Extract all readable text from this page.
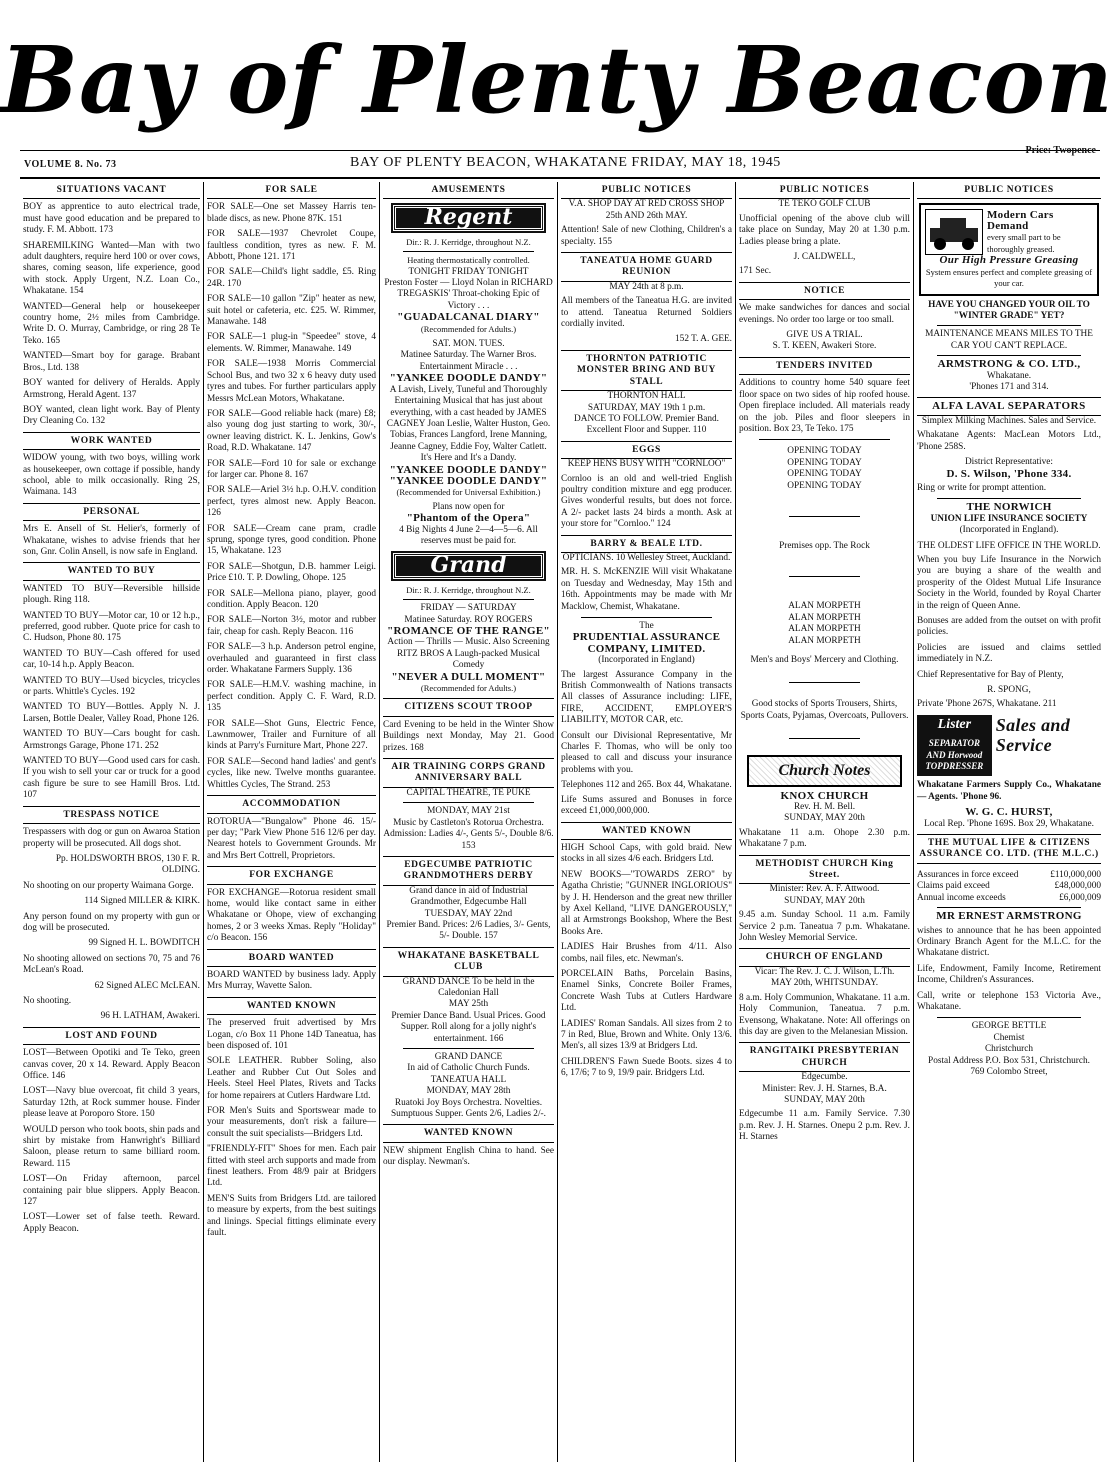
Bay of Plenty Beacon
VOLUME 8. No. 73	BAY OF PLENTY BEACON, WHAKATANE FRIDAY, MAY 18, 1945
Price: Twopence
SITUATIONS VACANT
BOY as apprentice to auto electrical trade, must have good education and be prepared to study. F. M. Abbott. 173
SHAREMILKING Wanted—Man with two adult daughters, require herd 100 or over cows, shares, coming season, life experience, good with stock. Apply Urgent, N.Z. Loan Co., Whakatane. 154
WANTED—General help or housekeeper country home, 2½ miles from Cambridge. Write D. O. Murray, Cambridge, or ring 28 Te Teko. 165
WANTED—Smart boy for garage. Brabant Bros., Ltd. 138
BOY wanted for delivery of Heralds. Apply Armstrong, Herald Agent. 137
BOY wanted, clean light work. Bay of Plenty Dry Cleaning Co. 132
WORK WANTED
WIDOW young, with two boys, willing work as housekeeper, own cottage if possible, handy school, able to milk occasionally. Ring 2S, Waimana. 143
PERSONAL
Mrs E. Ansell of St. Helier's, formerly of Whakatane, wishes to advise friends that her son, Gnr. Colin Ansell, is now safe in England.
WANTED TO BUY
WANTED TO BUY—Reversible hillside plough. Ring 118.
WANTED TO BUY—Motor car, 10 or 12 h.p., preferred, good rubber. Quote price for cash to C. Hudson, Phone 80. 175
WANTED TO BUY—Cash offered for used car, 10-14 h.p. Apply Beacon.
WANTED TO BUY—Used bicycles, tricycles or parts. Whittle's Cycles. 192
WANTED TO BUY—Bottles. Apply N. J. Larsen, Bottle Dealer, Valley Road, Phone 126.
WANTED TO BUY—Cars bought for cash. Armstrongs Garage, Phone 171. 252
WANTED TO BUY—Good used cars for cash. If you wish to sell your car or truck for a good cash figure be sure to see Hamill Bros. Ltd. 107
TRESPASS NOTICE
Trespassers with dog or gun on Awaroa Station property will be prosecuted. All dogs shot.
Pp. HOLDSWORTH BROS, 130 F. R. OLDING.
No shooting on our property Waimana Gorge.
114 Signed MILLER & KIRK.
Any person found on my property with gun or dog will be prosecuted.
99 Signed H. L. BOWDITCH
No shooting allowed on sections 70, 75 and 76 McLean's Road.
62 Signed ALEC McLEAN.
No shooting.
96 H. LATHAM, Awakeri.
LOST AND FOUND
LOST—Between Opotiki and Te Teko, green canvas cover, 20 x 14. Reward. Apply Beacon Office. 146
LOST—Navy blue overcoat, fit child 3 years, Saturday 12th, at Rock summer house. Finder please leave at Poroporo Store. 150
WOULD person who took boots, shin pads and shirt by mistake from Hanwright's Billiard Saloon, please return to same billiard room. Reward. 115
LOST—On Friday afternoon, parcel containing pair blue slippers. Apply Beacon. 127
LOST—Lower set of false teeth. Reward. Apply Beacon.
FOR SALE
FOR SALE—One set Massey Harris ten-blade discs, as new. Phone 87K. 151
FOR SALE—1937 Chevrolet Coupe, faultless condition, tyres as new. F. M. Abbott, Phone 121. 171
FOR SALE—Child's light saddle, £5. Ring 24R. 170
FOR SALE—10 gallon "Zip" heater as new, suit hotel or cafeteria, etc. £25. W. Rimmer, Manawahe. 148
FOR SALE—1 plug-in "Speedee" stove, 4 elements. W. Rimmer, Manawahe. 149
FOR SALE—1938 Morris Commercial School Bus, and two 32 x 6 heavy duty used tyres and tubes. For further particulars apply Messrs McLean Motors, Whakatane.
FOR SALE—Good reliable hack (mare) £8; also young dog just starting to work, 30/-, owner leaving district. K. L. Jenkins, Gow's Road, R.D. Whakatane. 147
FOR SALE—Ford 10 for sale or exchange for larger car. Phone 8. 167
FOR SALE—Ariel 3½ h.p. O.H.V. condition perfect, tyres almost new. Apply Beacon. 126
FOR SALE—Cream cane pram, cradle sprung, sponge tyres, good condition. Phone 15, Whakatane. 123
FOR SALE—Shotgun, D.B. hammer Leigi. Price £10. T. P. Dowling, Ohope. 125
FOR SALE—Mellona piano, player, good condition. Apply Beacon. 120
FOR SALE—Norton 3½, motor and rubber fair, cheap for cash. Reply Beacon. 116
FOR SALE—3 h.p. Anderson petrol engine, overhauled and guaranteed in first class order. Whakatane Farmers Supply. 136
FOR SALE—H.M.V. washing machine, in perfect condition. Apply C. F. Ward, R.D. 135
FOR SALE—Shot Guns, Electric Fence, Lawnmower, Trailer and Furniture of all kinds at Parry's Furniture Mart, Phone 227.
FOR SALE—Second hand ladies' and gent's cycles, like new. Twelve months guarantee. Whittles Cycles, The Strand. 253
ACCOMMODATION
ROTORUA—"Bungalow" Phone 46. 15/- per day; "Park View Phone 516 12/6 per day. Nearest hotels to Government Grounds. Mr and Mrs Bert Cottrell, Proprietors.
FOR EXCHANGE
FOR EXCHANGE—Rotorua resident small home, would like contact same in either Whakatane or Ohope, view of exchanging homes, 2 or 3 weeks Xmas. Reply "Holiday" c/o Beacon. 156
BOARD WANTED
BOARD WANTED by business lady. Apply Mrs Murray, Wavette Salon.
WANTED KNOWN
The preserved fruit advertised by Mrs Logan, c/o Box 11 Phone 14D Taneatua, has been disposed of. 101
SOLE LEATHER. Rubber Soling, also Leather and Rubber Cut Out Soles and Heels. Steel Heel Plates, Rivets and Tacks for home repairers at Cutlers Hardware Ltd.
FOR Men's Suits and Sportswear made to your measurements, don't risk a failure—consult the suit specialists—Bridgers Ltd.
"FRIENDLY-FIT" Shoes for men. Each pair fitted with steel arch supports and made from finest leathers. From 48/9 pair at Bridgers Ltd.
MEN'S Suits from Bridgers Ltd. are tailored to measure by experts, from the best suitings and linings. Special fittings eliminate every fault.
AMUSEMENTS
Regent
Dir.: R. J. Kerridge, throughout N.Z.
Heating thermostatically controlled.
TONIGHT FRIDAY TONIGHT
Preston Foster — Lloyd Nolan in RICHARD TREGASKIS' Throat-choking Epic of Victory . . .
"GUADALCANAL DIARY"
(Recommended for Adults.)
SAT. MON. TUES.
Matinee Saturday. The Warner Bros. Entertainment Miracle . . .
"YANKEE DOODLE DANDY"
A Lavish, Lively, Tuneful and Thoroughly Entertaining Musical that has just about everything, with a cast headed by JAMES CAGNEY Joan Leslie, Walter Huston, Geo. Tobias, Frances Langford, Irene Manning, Jeanne Cagney, Eddie Foy, Walter Catlett.
It's Here and It's a Dandy.
"YANKEE DOODLE DANDY"
"YANKEE DOODLE DANDY"
(Recommended for Universal Exhibition.)
Plans now open for
"Phantom of the Opera"
4 Big Nights 4 June 2—4—5—6. All reserves must be paid for.
Grand
Dir.: R. J. Kerridge, throughout N.Z.
FRIDAY — SATURDAY
Matinee Saturday. ROY ROGERS
"ROMANCE OF THE RANGE"
Action — Thrills — Music. Also Screening RITZ BROS A Laugh-packed Musical Comedy
"NEVER A DULL MOMENT"
(Recommended for Adults.)
CITIZENS SCOUT TROOP
Card Evening to be held in the Winter Show Buildings next Monday, May 21. Good prizes. 168
AIR TRAINING CORPS GRAND ANNIVERSARY BALL
CAPITAL THEATRE, TE PUKE
MONDAY, MAY 21st
Music by Castleton's Rotorua Orchestra. Admission: Ladies 4/-, Gents 5/-, Double 8/6. 153
EDGECUMBE PATRIOTIC GRANDMOTHERS DERBY
Grand dance in aid of Industrial Grandmother, Edgecumbe Hall
TUESDAY, MAY 22nd
Premier Band. Prices: 2/6 Ladies, 3/- Gents, 5/- Double. 157
WHAKATANE BASKETBALL CLUB
GRAND DANCE To be held in the Caledonian Hall
MAY 25th
Premier Dance Band. Usual Prices. Good Supper. Roll along for a jolly night's entertainment. 166
GRAND DANCE
In aid of Catholic Church Funds.
TANEATUA HALL
MONDAY, MAY 28th
Ruatoki Joy Boys Orchestra. Novelties. Sumptuous Supper. Gents 2/6, Ladies 2/-.
WANTED KNOWN
NEW shipment English China to hand. See our display. Newman's.
PUBLIC NOTICES
V.A. SHOP DAY AT RED CROSS SHOP
25th AND 26th MAY.
Attention! Sale of new Clothing, Children's a specialty. 155
TANEATUA HOME GUARD REUNION
MAY 24th at 8 p.m.
All members of the Taneatua H.G. are invited to attend. Taneatua Returned Soldiers cordially invited.
152 T. A. GEE.
THORNTON PATRIOTIC MONSTER BRING AND BUY STALL
THORNTON HALL
SATURDAY, MAY 19th 1 p.m.
DANCE TO FOLLOW. Premier Band. Excellent Floor and Supper. 110
EGGS
KEEP HENS BUSY WITH "CORNLOO"
Cornloo is an old and well-tried English poultry condition mixture and egg producer. Gives wonderful results, but does not force. A 2/- packet lasts 24 birds a month. Ask at your store for "Cornloo." 124
BARRY & BEALE LTD.
OPTICIANS. 10 Wellesley Street, Auckland.
MR. H. S. McKENZIE Will visit Whakatane on Tuesday and Wednesday, May 15th and 16th. Appointments may be made with Mr Macklow, Chemist, Whakatane.
The
PRUDENTIAL ASSURANCE COMPANY, LIMITED.
(Incorporated in England)
The largest Assurance Company in the British Commonwealth of Nations transacts All classes of Assurance including: LIFE, FIRE, ACCIDENT, EMPLOYER'S LIABILITY, MOTOR CAR, etc.
Consult our Divisional Representative, Mr Charles F. Thomas, who will be only too pleased to call and discuss your insurance problems with you.
Telephones 112 and 265. Box 44, Whakatane.
Life Sums assured and Bonuses in force exceed £1,000,000,000.
WANTED KNOWN
HIGH School Caps, with gold braid. New stocks in all sizes 4/6 each. Bridgers Ltd.
NEW BOOKS—"TOWARDS ZERO" by Agatha Christie; "GUNNER INGLORIOUS" by J. H. Henderson and the great new thriller by Axel Kelland, "LIVE DANGEROUSLY," all at Armstrongs Bookshop, Where the Best Books Are.
LADIES Hair Brushes from 4/11. Also combs, nail files, etc. Newman's.
PORCELAIN Baths, Porcelain Basins, Enamel Sinks, Concrete Boiler Frames, Concrete Wash Tubs at Cutlers Hardware Ltd.
LADIES' Roman Sandals. All sizes from 2 to 7 in Red, Blue, Brown and White. Only 13/6. Men's, all sizes 13/9 at Bridgers Ltd.
CHILDREN'S Fawn Suede Boots. sizes 4 to 6, 17/6; 7 to 9, 19/9 pair. Bridgers Ltd.
PUBLIC NOTICES
TE TEKO GOLF CLUB
Unofficial opening of the above club will take place on Sunday, May 20 at 1.30 p.m. Ladies please bring a plate.
J. CALDWELL,
171 Sec.
NOTICE
We make sandwiches for dances and social evenings. No order too large or too small.
GIVE US A TRIAL.
S. T. KEEN, Awakeri Store.
TENDERS INVITED
Additions to country home 540 square feet floor space on two sides of hip roofed house. Open fireplace included. All materials ready on the job. Piles and floor sleepers in position. Box 23, Te Teko. 175
OPENING TODAY
OPENING TODAY
OPENING TODAY
OPENING TODAY
Premises opp. The Rock
ALAN MORPETH
ALAN MORPETH
ALAN MORPETH
ALAN MORPETH
Men's and Boys' Mercery and Clothing.
Good stocks of Sports Trousers, Shirts, Sports Coats, Pyjamas, Overcoats, Pullovers.
Church Notes
KNOX CHURCH
Rev. H. M. Bell.
SUNDAY, MAY 20th
Whakatane 11 a.m. Ohope 2.30 p.m. Whakatane 7 p.m.
METHODIST CHURCH King Street.
Minister: Rev. A. F. Attwood.
SUNDAY, MAY 20th
9.45 a.m. Sunday School. 11 a.m. Family Service 2 p.m. Taneatua 7 p.m. Whakatane. John Wesley Memorial Service.
CHURCH OF ENGLAND
Vicar: The Rev. J. C. J. Wilson, L.Th.
MAY 20th, WHITSUNDAY.
8 a.m. Holy Communion, Whakatane. 11 a.m. Holy Communion, Taneatua. 7 p.m. Evensong, Whakatane. Note: All offerings on this day are given to the Melanesian Mission.
RANGITAIKI PRESBYTERIAN CHURCH
Edgecumbe.
Minister: Rev. J. H. Starnes, B.A.
SUNDAY, MAY 20th
Edgecumbe 11 a.m. Family Service. 7.30 p.m. Rev. J. H. Starnes. Onepu 2 p.m. Rev. J. H. Starnes
PUBLIC NOTICES
Modern Cars Demand
every small part to be thoroughly greased.
Our High Pressure Greasing
System ensures perfect and complete greasing of your car.
HAVE YOU CHANGED YOUR OIL TO "WINTER GRADE" YET?
MAINTENANCE MEANS MILES TO THE CAR YOU CAN'T REPLACE.
ARMSTRONG & CO. LTD.,
Whakatane.
'Phones 171 and 314.
ALFA LAVAL SEPARATORS
Simplex Milking Machines. Sales and Service.
Whakatane Agents: MacLean Motors Ltd., 'Phone 258S.
District Representative:
D. S. Wilson, 'Phone 334.
Ring or write for prompt attention.
THE NORWICH
UNION LIFE INSURANCE SOCIETY
(Incorporated in England).
THE OLDEST LIFE OFFICE IN THE WORLD.
When you buy Life Insurance in the Norwich you are buying a share of the wealth and prosperity of the Oldest Mutual Life Insurance Society in the World, founded by Royal Charter in the reign of Queen Anne.
Bonuses are added from the outset on with profit policies.
Policies are issued and claims settled immediately in N.Z.
Chief Representative for Bay of Plenty,
R. SPONG,
Private 'Phone 267S, Whakatane. 211
Lister
SEPARATOR AND Horwood TOPDRESSER
Sales and Service
Whakatane Farmers Supply Co., Whakatane— Agents. 'Phone 96.
W. G. C. HURST,
Local Rep. 'Phone 169S. Box 29, Whakatane.
THE MUTUAL LIFE & CITIZENS ASSURANCE CO. LTD. (THE M.L.C.)
Assurances in force exceed	£110,000,000
Claims paid exceed	£48,000,000
Annual income exceeds	£6,000,009
MR ERNEST ARMSTRONG
wishes to announce that he has been appointed Ordinary Branch Agent for the M.L.C. for the Whakatane district.
Life, Endowment, Family Income, Retirement Income, Children's Assurances.
Call, write or telephone 153 Victoria Ave., Whakatane.
GEORGE BETTLE
Chemist
Christchurch
Postal Address P.O. Box 531, Christchurch.
769 Colombo Street,
